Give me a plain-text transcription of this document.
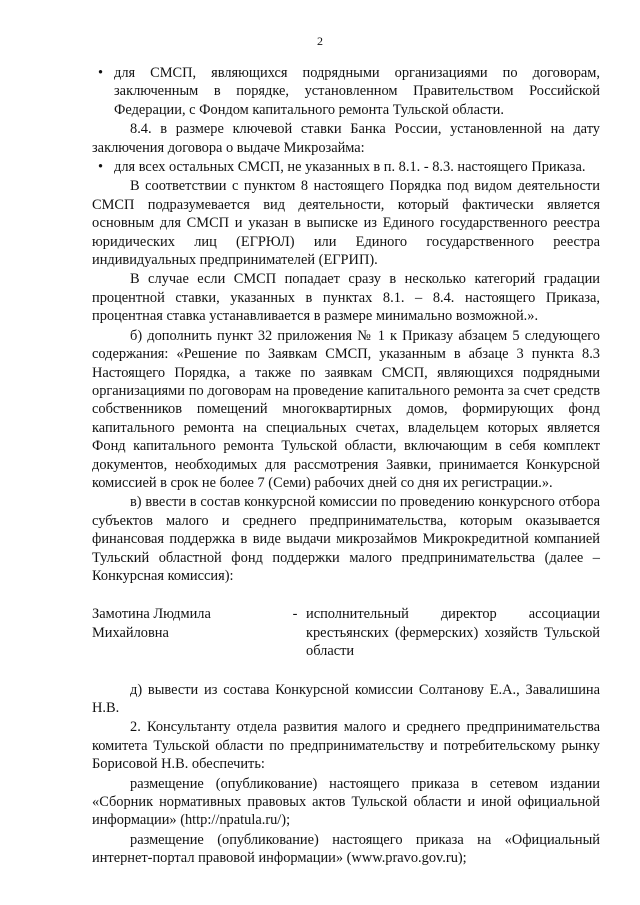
2

• для СМСП, являющихся подрядными организациями по договорам, заключенным в порядке, установленном Правительством Российской Федерации, с Фондом капитального ремонта Тульской области.

8.4. в размере ключевой ставки Банка России, установленной на дату заключения договора о выдаче Микрозайма:

• для всех остальных СМСП, не указанных в п. 8.1. - 8.3. настоящего Приказа.

В соответствии с пунктом 8 настоящего Порядка под видом деятельности СМСП подразумевается вид деятельности, который фактически является основным для СМСП и указан в выписке из Единого государственного реестра юридических лиц (ЕГРЮЛ) или Единого государственного реестра индивидуальных предпринимателей (ЕГРИП).

В случае если СМСП попадает сразу в несколько категорий градации процентной ставки, указанных в пунктах 8.1. – 8.4. настоящего Приказа, процентная ставка устанавливается в размере минимально возможной.».

б) дополнить пункт 32 приложения № 1 к Приказу абзацем 5 следующего содержания: «Решение по Заявкам СМСП, указанным в абзаце 3 пункта 8.3 Настоящего Порядка, а также по заявкам СМСП, являющихся подрядными организациями по договорам на проведение капитального ремонта за счет средств собственников помещений многоквартирных домов, формирующих фонд капитального ремонта на специальных счетах, владельцем которых является Фонд капитального ремонта Тульской области, включающим в себя комплект документов, необходимых для рассмотрения Заявки, принимается Конкурсной комиссией в срок не более 7 (Семи) рабочих дней со дня их регистрации.».

в) ввести в состав конкурсной комиссии по проведению конкурсного отбора субъектов малого и среднего предпринимательства, которым оказывается финансовая поддержка в виде выдачи микрозаймов Микрокредитной компанией Тульский областной фонд поддержки малого предпринимательства (далее – Конкурсная комиссия):

Замотина Людмила Михайловна
- исполнительный директор ассоциации крестьянских (фермерских) хозяйств Тульской области

д) вывести из состава Конкурсной комиссии Солтанову Е.А., Завалишина Н.В.

2. Консультанту отдела развития малого и среднего предпринимательства комитета Тульской области по предпринимательству и потребительскому рынку Борисовой Н.В. обеспечить:

размещение (опубликование) настоящего приказа в сетевом издании «Сборник нормативных правовых актов Тульской области и иной официальной информации» (http://npatula.ru/);

размещение (опубликование) настоящего приказа на «Официальный интернет-портал правовой информации» (www.pravo.gov.ru);
